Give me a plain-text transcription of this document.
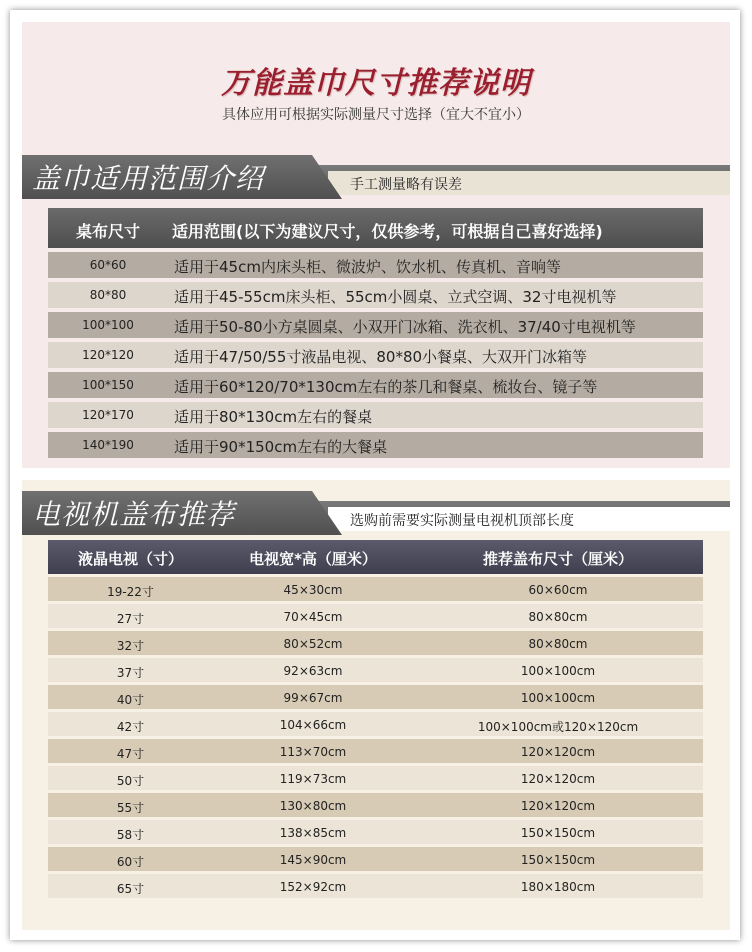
万能盖巾尺寸推荐说明
具体应用可根据实际测量尺寸选择（宜大不宜小）
盖巾适用范围介绍	手工测量略有误差
桌布尺寸	适用范围(以下为建议尺寸，仅供参考，可根据自己喜好选择)
60*60	适用于45cm内床头柜、微波炉、饮水机、传真机、音响等
80*80	适用于45-55cm床头柜、55cm小圆桌、立式空调、32寸电视机等
100*100	适用于50-80小方桌圆桌、小双开门冰箱、洗衣机、37/40寸电视机等
120*120	适用于47/50/55寸液晶电视、80*80小餐桌、大双开门冰箱等
100*150	适用于60*120/70*130cm左右的茶几和餐桌、梳妆台、镜子等
120*170	适用于80*130cm左右的餐桌
140*190	适用于90*150cm左右的大餐桌
电视机盖布推荐	选购前需要实际测量电视机顶部长度
液晶电视（寸）	电视宽*高（厘米）	推荐盖布尺寸（厘米）
19-22寸	45×30cm	60×60cm
27寸	70×45cm	80×80cm
32寸	80×52cm	80×80cm
37寸	92×63cm	100×100cm
40寸	99×67cm	100×100cm
42寸	104×66cm	100×100cm或120×120cm
47寸	113×70cm	120×120cm
50寸	119×73cm	120×120cm
55寸	130×80cm	120×120cm
58寸	138×85cm	150×150cm
60寸	145×90cm	150×150cm
65寸	152×92cm	180×180cm
